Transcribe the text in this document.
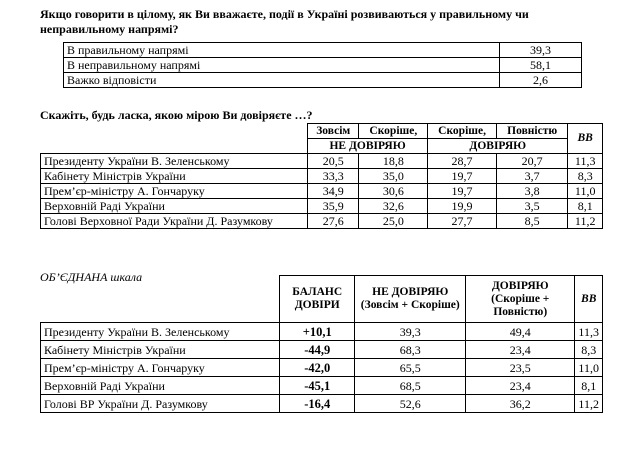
Якщо говорити в цілому, як Ви вважаєте, події в Україні розвиваються у правильному чи неправильному напрямі?
В правильному напрямі	39,3
В неправильному напрямі	58,1
Важко відповісти	2,6
Скажіть, будь ласка, якою мірою Ви довіряєте …?
	Зовсім	Скоріше,	Скоріше,	Повністю	ВВ
	НЕ ДОВІРЯЮ		ДОВІРЯЮ		
Президенту України В. Зеленському	20,5	18,8	28,7	20,7	11,3
Кабінету Міністрів України	33,3	35,0	19,7	3,7	8,3
Прем’єр-міністру А. Гончаруку	34,9	30,6	19,7	3,8	11,0
Верховній Раді України	35,9	32,6	19,9	3,5	8,1
Голові Верховної Ради України Д. Разумкову	27,6	25,0	27,7	8,5	11,2
ОБ’ЄДНАНА шкала
	БАЛАНС ДОВІРИ	НЕ ДОВІРЯЮ (Зовсім + Скоріше)	ДОВІРЯЮ (Скоріше + Повністю)	ВВ
Президенту України В. Зеленському	+10,1	39,3	49,4	11,3
Кабінету Міністрів України	-44,9	68,3	23,4	8,3
Прем’єр-міністру А. Гончаруку	-42,0	65,5	23,5	11,0
Верховній Раді України	-45,1	68,5	23,4	8,1
Голові ВР України Д. Разумкову	-16,4	52,6	36,2	11,2
